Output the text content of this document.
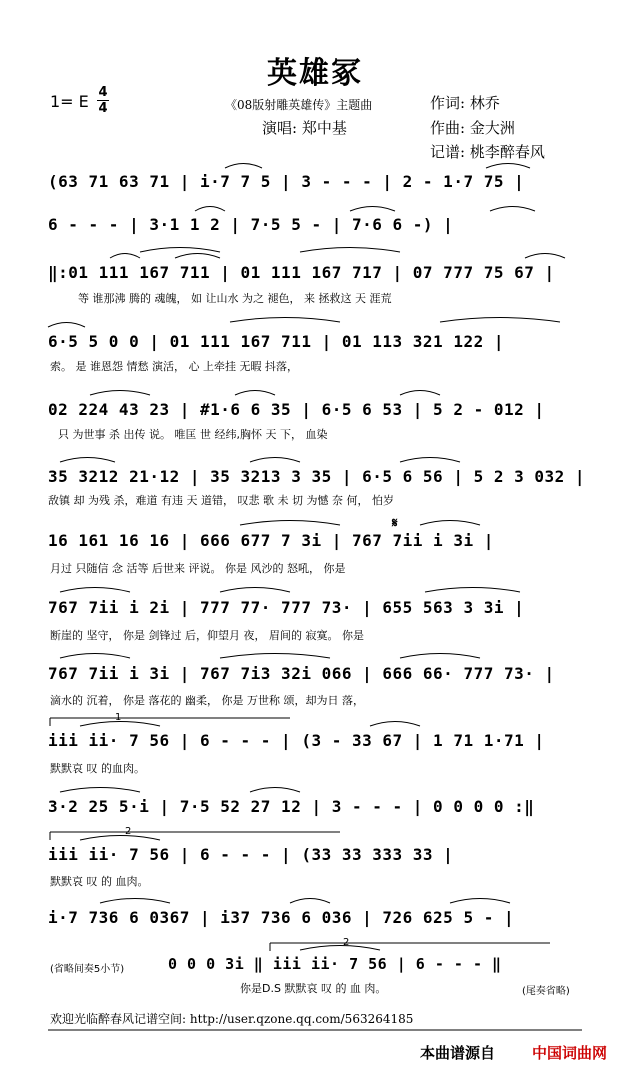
英雄冢
1= E 4
4	《08版射雕英雄传》主题曲
演唱: 郑中基
作词: 林乔
作曲: 金大洲
记谱: 桃李醉春风
(63 71 63 71 | i·7 7 5 | 3 - - - | 2 - 1·7 75 |
6 - - - | 3·1 1 2 | 7·5 5 - | 7·6 6 -) |
‖:01 111 167 711 | 01 111 167 717 | 07 777 75 67 |
等 谁那沸 腾的 魂魄， 如 让山水 为之 褪色， 来 拯救这 天 涯荒
6·5 5 0 0 | 01 111 167 711 | 01 113 321 122 |
索。 是 谁恩怨 情愁 演活， 心 上牵挂 无暇 抖落，
02 224 43 23 | #1·6 6 35 | 6·5 6 53 | 5 2 - 012 |
只 为世事 杀 出传 说。 唯匡 世 经纬,胸怀 天 下， 血染
35 3212 21·12 | 35 3213 3 35 | 6·5 6 56 | 5 2 3 032 |
敌镇 却 为残 杀，难道 有违 天 道错， 叹悲 歌 未 切 为憾 奈 何， 怕岁
16 161 16 16 | 666 677 7 3i | 767 7ii i 3i |
𝄋
月过 只随信 念 活等 后世来 评说。 你是 风沙的 怒吼， 你是
767 7ii i 2i | 777 77· 777 73· | 655 563 3 3i |
断崖的 坚守， 你是 剑锋过 后，仰望月 夜， 眉间的 寂寞。 你是
767 7ii i 3i | 767 7i3 32i 066 | 666 66· 777 73· |
滴水的 沉着， 你是 落花的 幽柔， 你是 万世称 颂，却为日 落，
1
iii ii· 7 56 | 6 - - - | (3 - 33 67 | 1 71 1·71 |
默默哀 叹 的血肉。
3·2 25 5·i | 7·5 52 27 12 | 3 - - - | 0 0 0 0 :‖
2
iii ii· 7 56 | 6 - - - | (33 33 333 33 |
默默哀 叹 的 血肉。
i·7 736 6 0367 | i37 736 6 036 | 726 625 5 - |
2
(省略间奏5小节)	0 0 0 3i ‖ iii ii· 7 56 | 6 - - - ‖
(尾奏省略)
你是D.S 默默哀 叹 的 血 肉。
欢迎光临醉春风记谱空间: http://user.qzone.qq.com/563264185
本曲谱源自 中国词曲网
